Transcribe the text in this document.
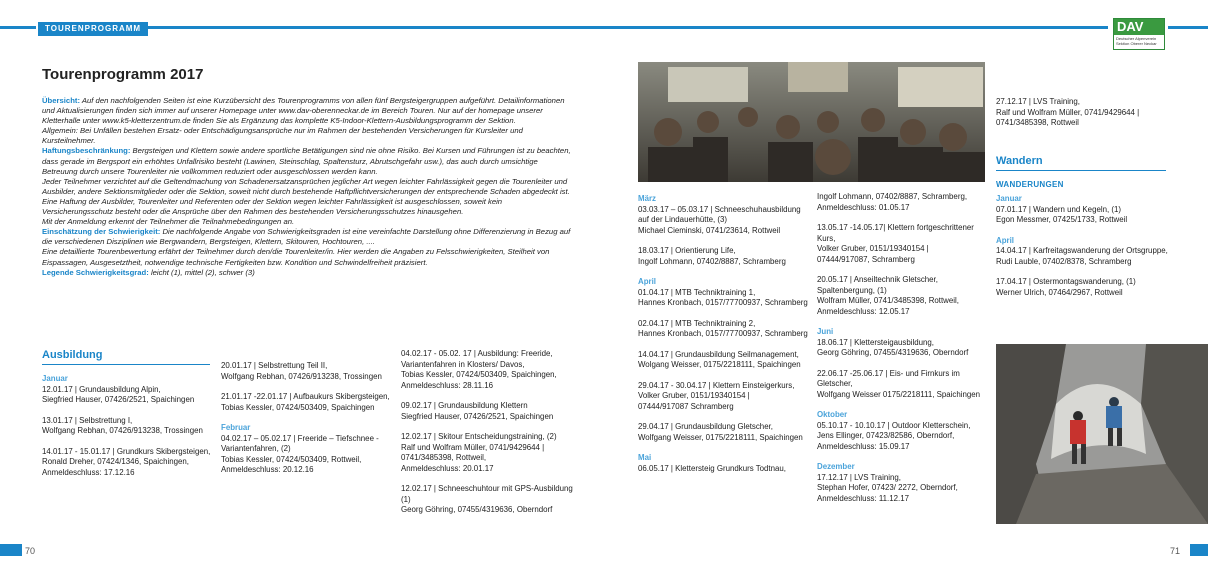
TOURENPROGRAMM	DAV
Deutscher Alpenverein Sektion Oberer Neckar
Tourenprogramm 2017
Übersicht: Auf den nachfolgenden Seiten ist eine Kurzübersicht des Tourenprogramms von allen fünf Bergsteigergruppen aufgeführt. Detailinformationen und Aktualisierungen finden sich immer auf unserer Homepage unter www.dav-oberenneckar.de im Bereich Touren. Nur auf der homepage unserer Kletterhalle unter www.k5-kletterzentrum.de finden Sie als Ergänzung das komplette K5-Indoor-Klettern-Ausbildungsprogramm der Sektion.
Allgemein: Bei Unfällen bestehen Ersatz- oder Entschädigungsansprüche nur im Rahmen der bestehenden Versicherungen für Kursleiter und Kursteilnehmer.
Haftungsbeschränkung: Bergsteigen und Klettern sowie andere sportliche Betätigungen sind nie ohne Risiko. Bei Kursen und Führungen ist zu beachten, dass gerade im Bergsport ein erhöhtes Unfallrisiko besteht (Lawinen, Steinschlag, Spaltensturz, Abrutschgefahr usw.), das auch durch umsichtige Betreuung durch unsere Tourenleiter nie vollkommen reduziert oder ausgeschlossen werden kann.
Jeder Teilnehmer verzichtet auf die Geltendmachung von Schadenersatzansprüchen jeglicher Art wegen leichter Fahrlässigkeit gegen die Tourenleiter und Ausbilder, andere Sektionsmitglieder oder die Sektion, soweit nicht durch bestehende Haftpflichtversicherungen der entsprechende Schaden abgedeckt ist. Eine Haftung der Ausbilder, Tourenleiter und Referenten oder der Sektion wegen leichter Fahrlässigkeit ist ausgeschlossen, soweit kein Versicherungsschutz besteht oder die Ansprüche über den Rahmen des bestehenden Versicherungsschutzes hinausgehen.
Mit der Anmeldung erkennt der Teilnehmer die Teilnahmebedingungen an.
Einschätzung der Schwierigkeit: Die nachfolgende Angabe von Schwierigkeitsgraden ist eine vereinfachte Darstellung ohne Differenzierung in Bezug auf die verschiedenen Disziplinen wie Bergwandern, Bergsteigen, Klettern, Skitouren, Hochtouren, ....
Eine detaillierte Tourenbewertung erfährt der Teilnehmer durch den/die Tourenleiter/in. Hier werden die Angaben zu Felsschwierigkeiten, Steilheit von Eispassagen, Ausgesetztheit, notwendige technische Fertigkeiten bzw. Kondition und Schwindelfreiheit präzisiert.
Legende Schwierigkeitsgrad: leicht (1), mittel (2), schwer (3)
Ausbildung
Januar

12.01.17 | Grundausbildung Alpin,
Siegfried Hauser, 07426/2521, Spaichingen

13.01.17 | Selbstrettung I,
Wolfgang Rebhan, 07426/913238, Trossingen

14.01.17 - 15.01.17 | Grundkurs Skibergsteigen,
Ronald Dreher, 07424/1346, Spaichingen,
Anmeldeschluss: 17.12.16

20.01.17 | Selbstrettung Teil II,
Wolfgang Rebhan, 07426/913238, Trossingen

21.01.17 -22.01.17 | Aufbaukurs Skibergsteigen,
Tobias Kessler, 07424/503409, Spaichingen

Februar

04.02.17 – 05.02.17 | Freeride – Tiefschnee - Variantenfahren, (2)
Tobias Kessler, 07424/503409, Rottweil,
Anmeldeschluss: 20.12.16

04.02.17 - 05.02. 17 | Ausbildung: Freeride, Variantenfahren in Klosters/ Davos,
Tobias Kessler, 07424/503409, Spaichingen,
Anmeldeschluss: 28.11.16

09.02.17 | Grundausbildung Klettern
Siegfried Hauser, 07426/2521, Spaichingen

12.02.17 | Skitour Entscheidungstraining, (2)
Ralf und Wolfram Müller, 0741/9429644 |
0741/3485398, Rottweil,
Anmeldeschluss: 20.01.17

12.02.17 | Schneeschuhtour mit GPS-Ausbildung (1)
Georg Göhring, 07455/4319636, Oberndorf

März

03.03.17 – 05.03.17 | Schneeschuhausbildung auf der Lindauerhütte, (3)
Michael Cieminski, 0741/23614, Rottweil

18.03.17 | Orientierung Life,
Ingolf Lohmann, 07402/8887, Schramberg

April

01.04.17 | MTB Techniktraining 1,
Hannes Kronbach, 0157/77700937, Schramberg

02.04.17 | MTB Techniktraining 2,
Hannes Kronbach, 0157/77700937, Schramberg

14.04.17 | Grundausbildung Seilmanagement,
Wolgang Weisser, 0175/2218111, Spaichingen

29.04.17 - 30.04.17 | Klettern Einsteigerkurs,
Volker Gruber, 0151/19340154 |
07444/917087 Schramberg

29.04.17 | Grundausbildung Gletscher,
Wolfgang Weisser, 0175/2218111, Spaichingen

Mai

06.05.17 | Klettersteig Grundkurs Todtnau,

Ingolf Lohmann, 07402/8887, Schramberg,
Anmeldeschluss: 01.05.17

13.05.17 -14.05.17| Klettern fortgeschrittener Kurs,
Volker Gruber, 0151/19340154 |
07444/917087, Schramberg

20.05.17 | Anseiltechnik Gletscher, Spaltenbergung, (1)
Wolfram Müller, 0741/3485398, Rottweil,
Anmeldeschluss: 12.05.17

Juni

18.06.17 | Klettersteigausbildung,
Georg Göhring, 07455/4319636, Oberndorf

22.06.17 -25.06.17 | Eis- und Firnkurs im Gletscher,
Wolfgang Weisser 0175/2218111, Spaichingen

Oktober

05.10.17 - 10.10.17 | Outdoor Kletterschein,
Jens Ellinger, 07423/82586, Oberndorf,
Anmeldeschluss: 15.09.17

Dezember

17.12.17 | LVS Training,
Stephan Hofer, 07423/ 2272, Oberndorf,
Anmeldeschluss: 11.12.17

27.12.17 | LVS Training,
Ralf und Wolfram Müller, 0741/9429644 |
0741/3485398, Rottweil

Wandern
WANDERUNGEN
Januar

07.01.17 | Wandern und Kegeln, (1)
Egon Messmer, 07425/1733, Rottweil

April

14.04.17 | Karfreitagswanderung der Ortsgruppe,
Rudi Lauble, 07402/8378, Schramberg

17.04.17 | Ostermontagswanderung, (1)
Werner Ulrich, 07464/2967, Rottweil

70	71
